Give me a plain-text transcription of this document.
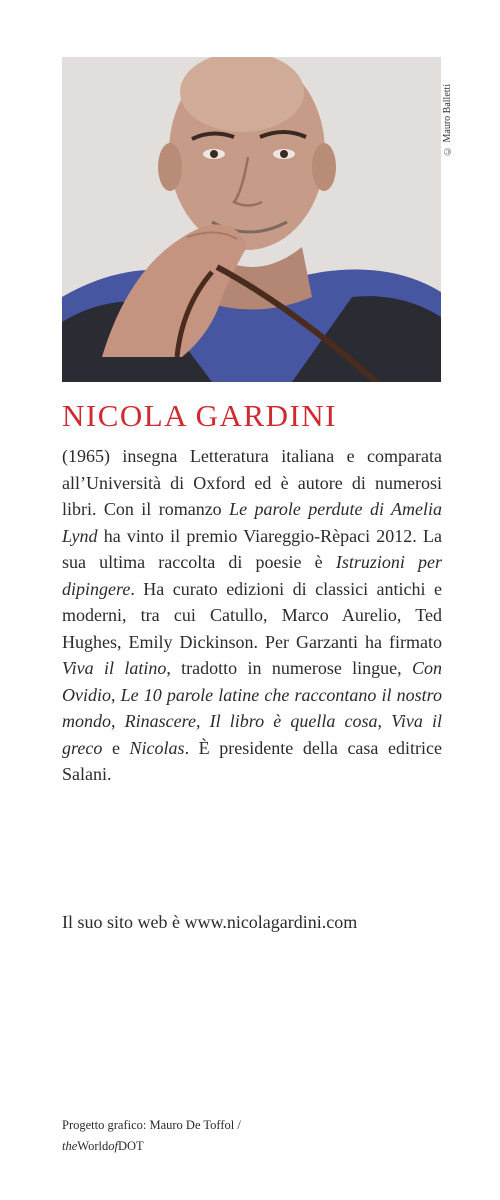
© Mauro Balletti
NICOLA GARDINI

(1965) insegna Letteratura italiana e comparata all’Università di Oxford ed è autore di numerosi libri. Con il romanzo Le parole perdute di Amelia Lynd ha vinto il premio Viareggio-Rèpaci 2012. La sua ultima raccolta di poesie è Istruzioni per dipingere. Ha curato edizioni di classici antichi e moderni, tra cui Catullo, Marco Aurelio, Ted Hughes, Emily Dickinson. Per Garzanti ha firmato Viva il latino, tradotto in numerose lingue, Con Ovidio, Le 10 parole latine che raccontano il nostro mondo, Rinascere, Il libro è quella cosa, Viva il greco e Nicolas. È presidente della casa editrice Salani.

Il suo sito web è www.nicolagardini.com

Progetto grafico: Mauro De Toffol /
theWorldofDOT
